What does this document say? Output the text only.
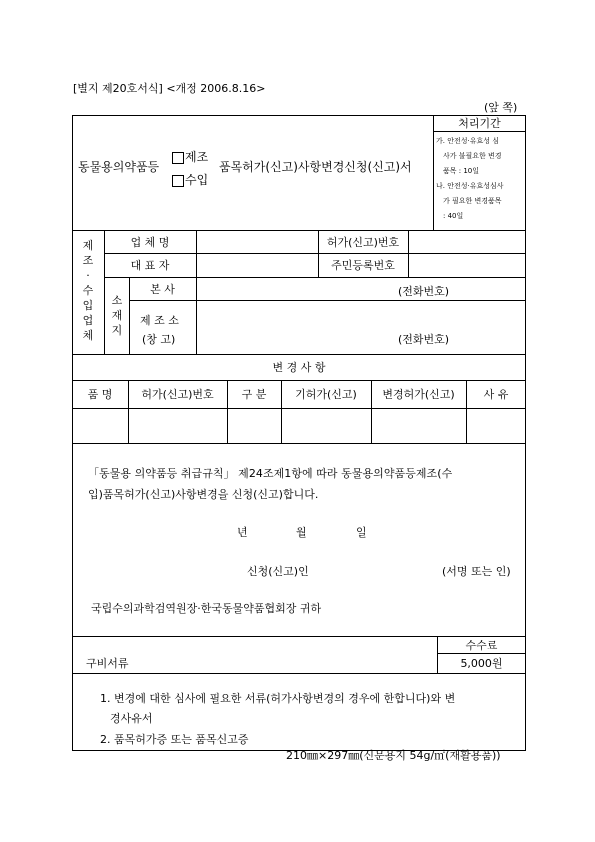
[별지 제20호서식] <개정 2006.8.16>
(앞 쪽)
동물용의약품등
제조
수입
품목허가(신고)사항변경신청(신고)서
처리기간
가. 안전성·유효성 심
사가 불필요한 변경
품목 : 10일
나. 안전성·유효성심사
가 필요한 변경품목
: 40일
제
조
·
수
입
업
체
업 체 명	허가(신고)번호
대 표 자	주민등록번호
소
재
지
본 사	(전화번호)
제 조 소
(창 고)	(전화번호)
변 경 사 항
품 명	허가(신고)번호	구 분	기허가(신고)	변경허가(신고)	사 유
「동물용 의약품등 취급규칙」 제24조제1항에 따라 동물용의약품등제조(수
입)품목허가(신고)사항변경을 신청(신고)합니다.
년	월	일
신청(신고)인	(서명 또는 인)
국립수의과학검역원장·한국동물약품협회장 귀하
수수료
5,000원
구비서류
1. 변경에 대한 심사에 필요한 서류(허가사항변경의 경우에 한합니다)와 변
경사유서
2. 품목허가증 또는 품목신고증
210㎜×297㎜(신문용지 54g/㎡(재활용품))
